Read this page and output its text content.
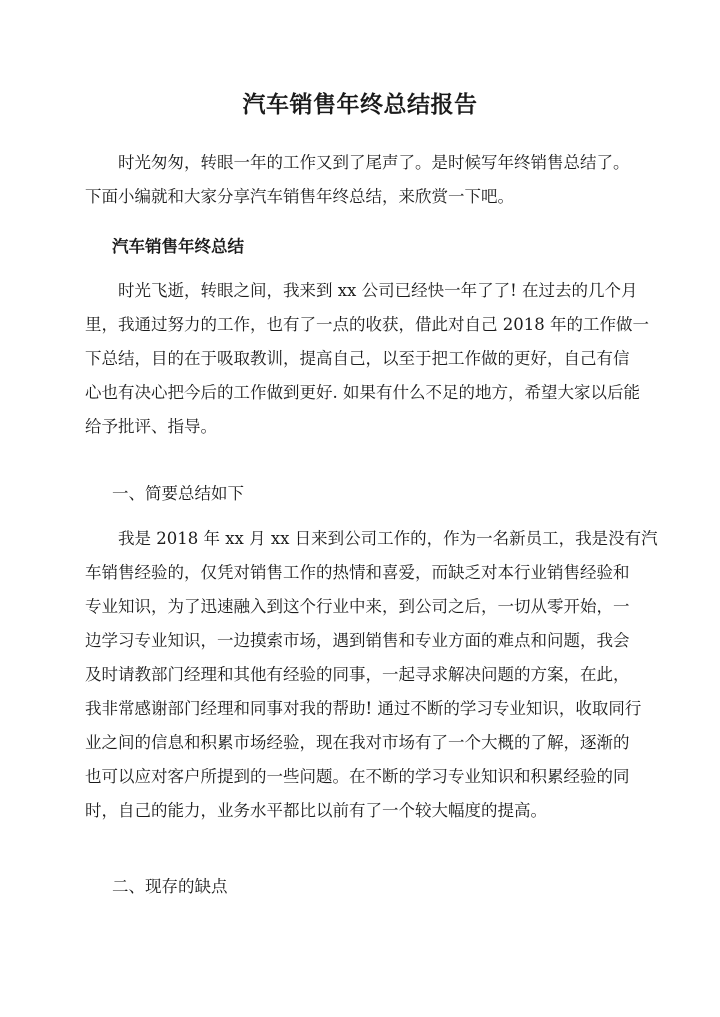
汽车销售年终总结报告

时光匆匆，转眼一年的工作又到了尾声了。是时候写年终销售总结了。
下面小编就和大家分享汽车销售年终总结，来欣赏一下吧。

汽车销售年终总结

时光飞逝，转眼之间，我来到 xx 公司已经快一年了了! 在过去的几个月
里，我通过努力的工作，也有了一点的收获，借此对自己 2018 年的工作做一
下总结，目的在于吸取教训，提高自己，以至于把工作做的更好，自己有信
心也有决心把今后的工作做到更好. 如果有什么不足的地方，希望大家以后能
给予批评、指导。

一、简要总结如下

我是 2018 年 xx 月 xx 日来到公司工作的，作为一名新员工，我是没有汽
车销售经验的，仅凭对销售工作的热情和喜爱，而缺乏对本行业销售经验和
专业知识，为了迅速融入到这个行业中来，到公司之后，一切从零开始，一
边学习专业知识，一边摸索市场，遇到销售和专业方面的难点和问题，我会
及时请教部门经理和其他有经验的同事，一起寻求解决问题的方案，在此，
我非常感谢部门经理和同事对我的帮助! 通过不断的学习专业知识，收取同行
业之间的信息和积累市场经验，现在我对市场有了一个大概的了解，逐渐的
也可以应对客户所提到的一些问题。在不断的学习专业知识和积累经验的同
时，自己的能力，业务水平都比以前有了一个较大幅度的提高。

二、现存的缺点
